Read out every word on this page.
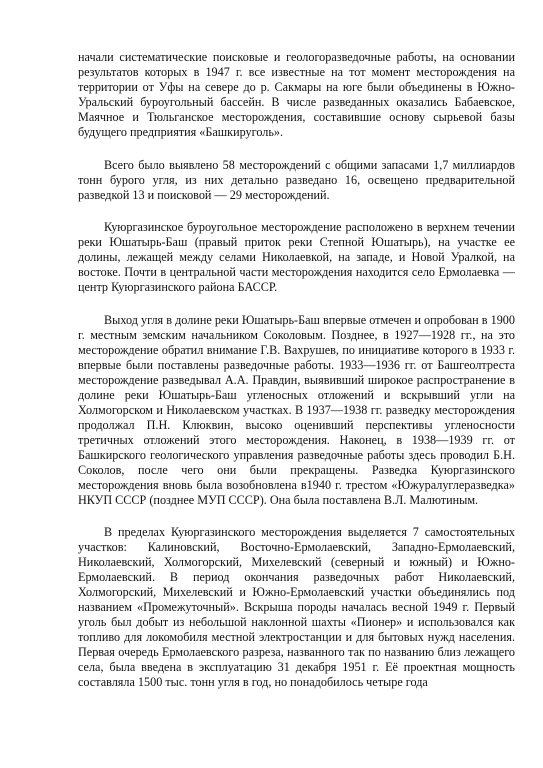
начали систематические поисковые и геологоразведочные работы, на основании результатов которых в 1947 г. все известные на тот момент месторождения на территории от Уфы на севере до р. Сакмары на юге были объединены в Южно-Уральский буроугольный бассейн. В числе разведанных оказались Бабаевское, Маячное и Тюльганское месторождения, составившие основу сырьевой базы будущего предприятия «Башкируголь».

Всего было выявлено 58 месторождений с общими запасами 1,7 миллиардов тонн бурого угля, из них детально разведано 16, освещено предварительной разведкой 13 и поисковой — 29 месторождений.

Куюргазинское буроугольное месторождение расположено в верхнем течении реки Юшатырь-Баш (правый приток реки Степной Юшатырь), на участке ее долины, лежащей между селами Николаевкой, на западе, и Новой Уралкой, на востоке. Почти в центральной части месторождения находится село Ермолаевка — центр Куюргазинского района БАССР.

Выход угля в долине реки Юшатырь-Баш впервые отмечен и опробован в 1900 г. местным земским начальником Соколовым. Позднее, в 1927—1928 гг., на это месторождение обратил внимание Г.В. Вахрушев, по инициативе которого в 1933 г. впервые были поставлены разведочные работы. 1933—1936 гг. от Башгеолтреста месторождение разведывал А.А. Правдин, выявивший широкое распространение в долине реки Юшатырь-Баш угленосных отложений и вскрывший угли на Холмогорском и Николаевском участках. В 1937—1938 гг. разведку месторождения продолжал П.Н. Клюквин, высоко оценивший перспективы угленосности третичных отложений этого месторождения. Наконец, в 1938—1939 гг. от Башкирского геологического управления разведочные работы здесь проводил Б.Н. Соколов, после чего они были прекращены. Разведка Куюргазинского месторождения вновь была возобновлена в1940 г. трестом «Южуралуглеразведка» НКУП СССР (позднее МУП СССР). Она была поставлена В.Л. Малютиным.

В пределах Куюргазинского месторождения выделяется 7 самостоятельных участков: Калиновский, Восточно-Ермолаевский, Западно-Ермолаевский, Николаевский, Холмогорский, Михелевский (северный и южный) и Южно-Ермолаевский. В период окончания разведочных работ Николаевский, Холмогорский, Михелевский и Южно-Ермолаевский участки объединялись под названием «Промежуточный». Вскрыша породы началась весной 1949 г. Первый уголь был добыт из небольшой наклонной шахты «Пионер» и использовался как топливо для локомобиля местной электростанции и для бытовых нужд населения. Первая очередь Ермолаевского разреза, названного так по названию близ лежащего села, была введена в эксплуатацию 31 декабря 1951 г. Её проектная мощность составляла 1500 тыс. тонн угля в год, но понадобилось четыре года
